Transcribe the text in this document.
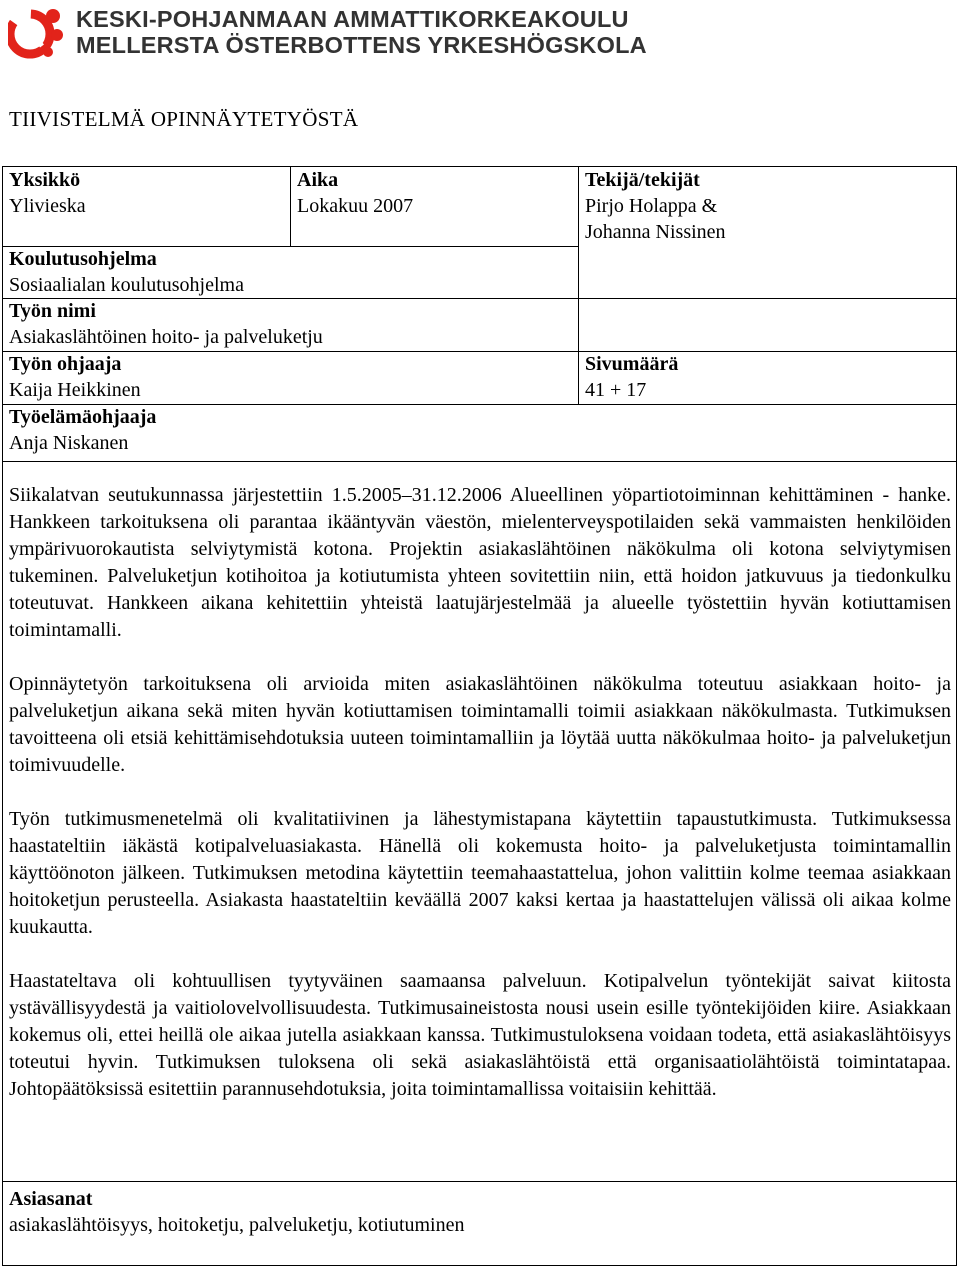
KESKI-POHJANMAAN AMMATTIKORKEAKOULU
MELLERSTA ÖSTERBOTTENS YRKESHÖGSKOLA
TIIVISTELMÄ OPINNÄYTETYÖSTÄ
Yksikkö
Ylivieska
Aika
Lokakuu 2007
Tekijä/tekijät
Pirjo Holappa &
Johanna Nissinen
Koulutusohjelma
Sosiaalialan koulutusohjelma
Työn nimi
Asiakaslähtöinen hoito- ja palveluketju
Työn ohjaaja
Kaija Heikkinen
Sivumäärä
41 + 17
Työelämäohjaaja
Anja Niskanen

Siikalatvan seutukunnassa järjestettiin 1.5.2005–31.12.2006 Alueellinen yöpartiotoiminnan kehittäminen - hanke. Hankkeen tarkoituksena oli parantaa ikääntyvän väestön, mielenterveyspotilaiden sekä vammaisten henkilöiden ympärivuorokautista selviytymistä kotona. Projektin asiakaslähtöinen näkökulma oli kotona selviytymisen tukeminen. Palveluketjun kotihoitoa ja kotiutumista yhteen sovitettiin niin, että hoidon jatkuvuus ja tiedonkulku toteutuvat. Hankkeen aikana kehitettiin yhteistä laatujärjestelmää ja alueelle työstettiin hyvän kotiuttamisen toimintamalli.

Opinnäytetyön tarkoituksena oli arvioida miten asiakaslähtöinen näkökulma toteutuu asiakkaan hoito- ja palveluketjun aikana sekä miten hyvän kotiuttamisen toimintamalli toimii asiakkaan näkökulmasta. Tutkimuksen tavoitteena oli etsiä kehittämisehdotuksia uuteen toimintamalliin ja löytää uutta näkökulmaa hoito- ja palveluketjun toimivuudelle.

Työn tutkimusmenetelmä oli kvalitatiivinen ja lähestymistapana käytettiin tapaustutkimusta. Tutkimuksessa haastateltiin iäkästä kotipalveluasiakasta. Hänellä oli kokemusta hoito- ja palveluketjusta toimintamallin käyttöönoton jälkeen. Tutkimuksen metodina käytettiin teemahaastattelua, johon valittiin kolme teemaa asiakkaan hoitoketjun perusteella. Asiakasta haastateltiin keväällä 2007 kaksi kertaa ja haastattelujen välissä oli aikaa kolme kuukautta.

Haastateltava oli kohtuullisen tyytyväinen saamaansa palveluun. Kotipalvelun työntekijät saivat kiitosta ystävällisyydestä ja vaitiolovelvollisuudesta. Tutkimusaineistosta nousi usein esille työntekijöiden kiire. Asiakkaan kokemus oli, ettei heillä ole aikaa jutella asiakkaan kanssa. Tutkimustuloksena voidaan todeta, että asiakaslähtöisyys toteutui hyvin. Tutkimuksen tuloksena oli sekä asiakaslähtöistä että organisaatiolähtöistä toimintatapaa. Johtopäätöksissä esitettiin parannusehdotuksia, joita toimintamallissa voitaisiin kehittää.

Asiasanat
asiakaslähtöisyys, hoitoketju, palveluketju, kotiutuminen
